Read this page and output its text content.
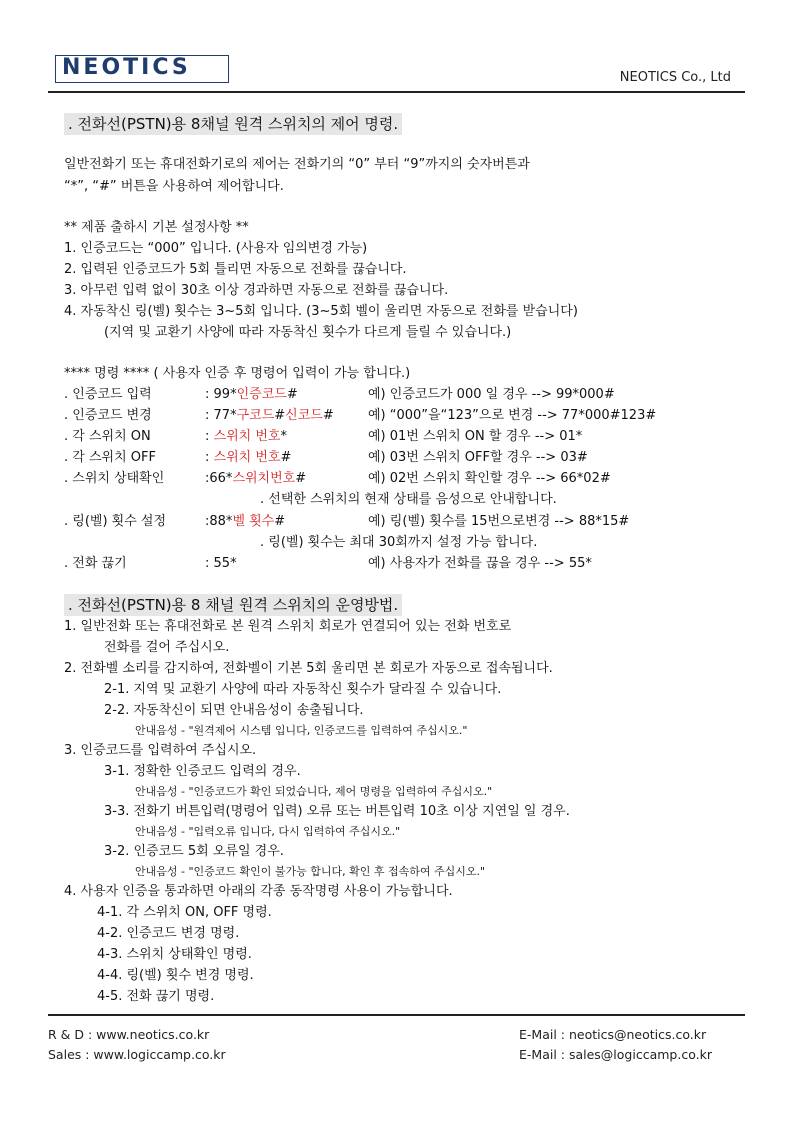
NEOTICS	NEOTICS Co., Ltd
. 전화선(PSTN)용 8채널 원격 스위치의 제어 명령.
일반전화기 또는 휴대전화기로의 제어는 전화기의 “0” 부터 “9”까지의 숫자버튼과
“*”, “#” 버튼을 사용하여 제어합니다.
** 제품 출하시 기본 설정사항 **
1. 인증코드는 “000” 입니다. (사용자 임의변경 가능)
2. 입력된 인증코드가 5회 틀리면 자동으로 전화를 끊습니다.
3. 아무런 입력 없이 30초 이상 경과하면 자동으로 전화를 끊습니다.
4. 자동착신 링(벨) 횟수는 3~5회 입니다. (3~5회 벨이 울리면 자동으로 전화를 받습니다)
(지역 및 교환기 사양에 따라 자동착신 횟수가 다르게 들릴 수 있습니다.)
**** 명령 **** ( 사용자 인증 후 명령어 입력이 가능 합니다.)
. 인증코드 입력	: 99*인증코드#	예) 인증코드가 000 일 경우 --> 99*000#
. 인증코드 변경	: 77*구코드#신코드#	예) “000”을“123”으로 변경 --> 77*000#123#
. 각 스위치 ON	: 스위치 번호*	예) 01번 스위치 ON 할 경우 --> 01*
. 각 스위치 OFF	: 스위치 번호#	예) 03번 스위치 OFF할 경우 --> 03#
. 스위치 상태확인	:66*스위치번호#	예) 02번 스위치 확인할 경우 --> 66*02#
. 선택한 스위치의 현재 상태를 음성으로 안내합니다.
. 링(벨) 횟수 설정	:88*벨 횟수#	예) 링(벨) 횟수를 15번으로변경 --> 88*15#
. 링(벨) 횟수는 최대 30회까지 설정 가능 합니다.
. 전화 끊기	: 55*	예) 사용자가 전화를 끊을 경우 --> 55*
. 전화선(PSTN)용 8 채널 원격 스위치의 운영방법.
1. 일반전화 또는 휴대전화로 본 원격 스위치 회로가 연결되어 있는 전화 번호로
전화를 걸어 주십시오.
2. 전화벨 소리를 감지하여, 전화벨이 기본 5회 울리면 본 회로가 자동으로 접속됩니다.
2-1. 지역 및 교환기 사양에 따라 자동착신 횟수가 달라질 수 있습니다.
2-2. 자동착신이 되면 안내음성이 송출됩니다.
안내음성 - "원격제어 시스템 입니다, 인증코드를 입력하여 주십시오."
3. 인증코드를 입력하여 주십시오.
3-1. 정확한 인증코드 입력의 경우.
안내음성 - "인증코드가 확인 되었습니다, 제어 명령을 입력하여 주십시오."
3-3. 전화기 버튼입력(명령어 입력) 오류 또는 버튼입력 10초 이상 지연일 일 경우.
안내음성 - "입력오류 입니다, 다시 입력하여 주십시오."
3-2. 인증코드 5회 오류일 경우.
안내음성 - "인증코드 확인이 불가능 합니다, 확인 후 접속하여 주십시오."
4. 사용자 인증을 통과하면 아래의 각종 동작명령 사용이 가능합니다.
4-1. 각 스위치 ON, OFF 명령.
4-2. 인증코드 변경 명령.
4-3. 스위치 상태확인 명령.
4-4. 링(벨) 횟수 변경 명령.
4-5. 전화 끊기 명령.
R & D : www.neotics.co.kr
Sales : www.logiccamp.co.kr
E-Mail : neotics@neotics.co.kr
E-Mail : sales@logiccamp.co.kr
